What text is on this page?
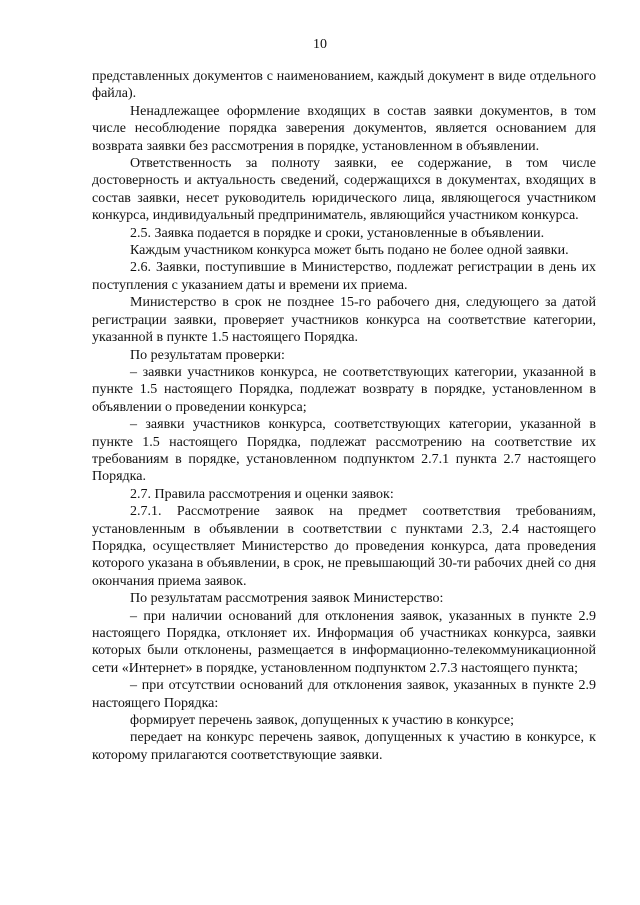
10

представленных документов с наименованием, каждый документ в виде отдельного файла).

Ненадлежащее оформление входящих в состав заявки документов, в том числе несоблюдение порядка заверения документов, является основанием для возврата заявки без рассмотрения в порядке, установленном в объявлении.

Ответственность за полноту заявки, ее содержание, в том числе достоверность и актуальность сведений, содержащихся в документах, входящих в состав заявки, несет руководитель юридического лица, являющегося участником конкурса, индивидуальный предприниматель, являющийся участником конкурса.

2.5. Заявка подается в порядке и сроки, установленные в объявлении.

Каждым участником конкурса может быть подано не более одной заявки.

2.6. Заявки, поступившие в Министерство, подлежат регистрации в день их поступления с указанием даты и времени их приема.

Министерство в срок не позднее 15-го рабочего дня, следующего за датой регистрации заявки, проверяет участников конкурса на соответствие категории, указанной в пункте 1.5 настоящего Порядка.

По результатам проверки:

– заявки участников конкурса, не соответствующих категории, указанной в пункте 1.5 настоящего Порядка, подлежат возврату в порядке, установленном в объявлении о проведении конкурса;

– заявки участников конкурса, соответствующих категории, указанной в пункте 1.5 настоящего Порядка, подлежат рассмотрению на соответствие их требованиям в порядке, установленном подпунктом 2.7.1 пункта 2.7 настоящего Порядка.

2.7. Правила рассмотрения и оценки заявок:

2.7.1. Рассмотрение заявок на предмет соответствия требованиям, установленным в объявлении в соответствии с пунктами 2.3, 2.4 настоящего Порядка, осуществляет Министерство до проведения конкурса, дата проведения которого указана в объявлении, в срок, не превышающий 30-ти рабочих дней со дня окончания приема заявок.

По результатам рассмотрения заявок Министерство:

– при наличии оснований для отклонения заявок, указанных в пункте 2.9 настоящего Порядка, отклоняет их. Информация об участниках конкурса, заявки которых были отклонены, размещается в информационно-телекоммуникационной сети «Интернет» в порядке, установленном подпунктом 2.7.3 настоящего пункта;

– при отсутствии оснований для отклонения заявок, указанных в пункте 2.9 настоящего Порядка:

формирует перечень заявок, допущенных к участию в конкурсе;

передает на конкурс перечень заявок, допущенных к участию в конкурсе, к которому прилагаются соответствующие заявки.
